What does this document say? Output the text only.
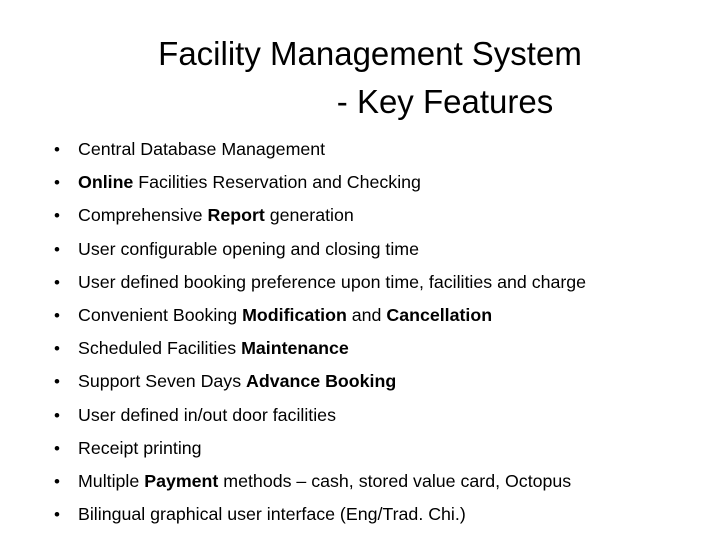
Facility Management System
- Key Features
• Central Database Management
• Online Facilities Reservation and Checking
• Comprehensive Report generation
• User configurable opening and closing time
• User defined booking preference upon time, facilities and charge
• Convenient Booking Modification and Cancellation
• Scheduled Facilities Maintenance
• Support Seven Days Advance Booking
• User defined in/out door facilities
• Receipt printing
• Multiple Payment methods – cash, stored value card, Octopus
• Bilingual graphical user interface (Eng/Trad. Chi.)
